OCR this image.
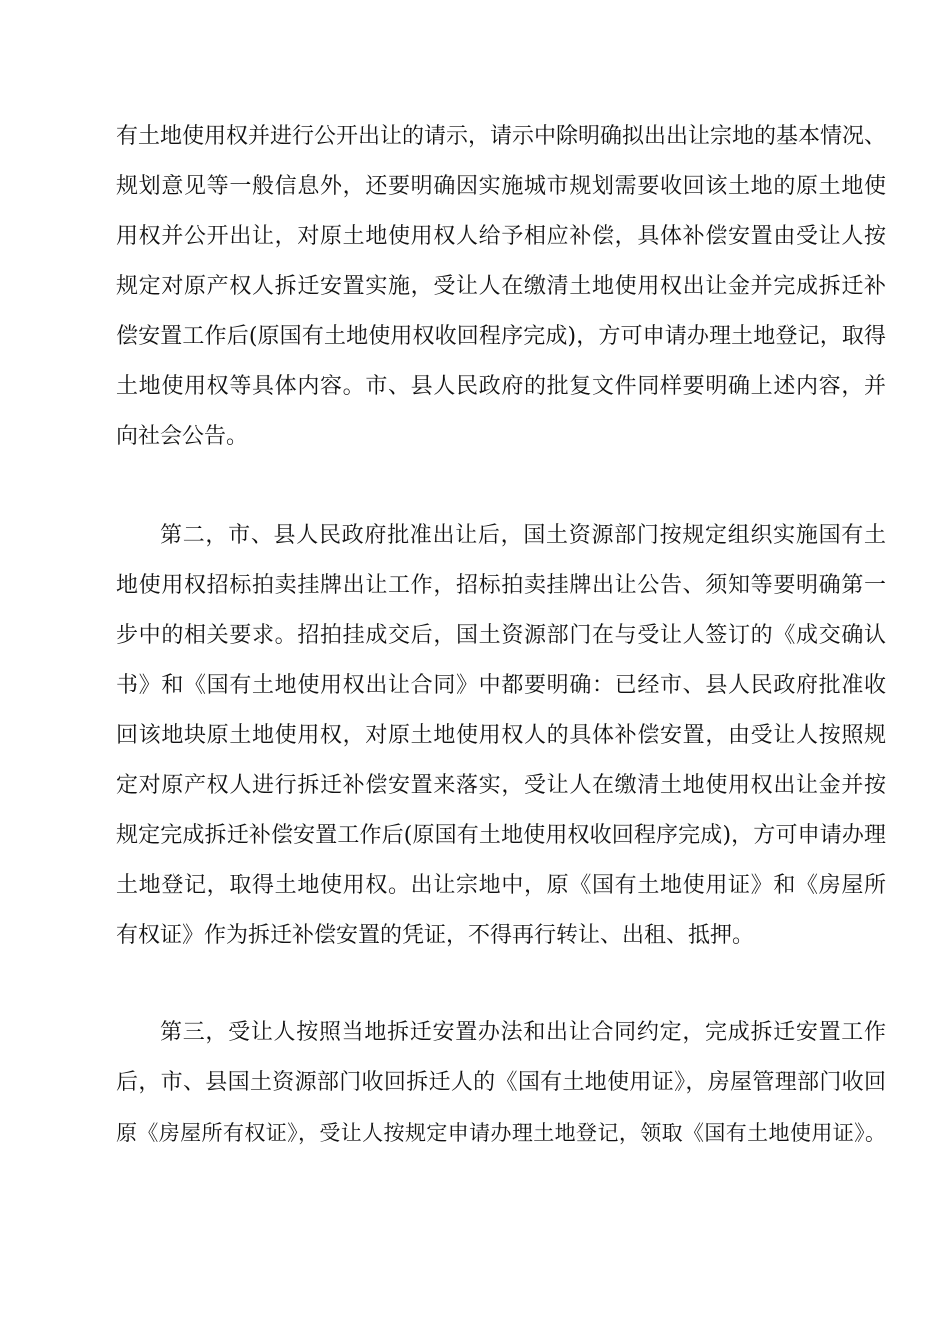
有土地使用权并进行公开出让的请示，请示中除明确拟出出让宗地的基本情况、
规划意见等一般信息外，还要明确因实施城市规划需要收回该土地的原土地使
用权并公开出让，对原土地使用权人给予相应补偿，具体补偿安置由受让人按
规定对原产权人拆迁安置实施，受让人在缴清土地使用权出让金并完成拆迁补
偿安置工作后(原国有土地使用权收回程序完成)，方可申请办理土地登记，取得
土地使用权等具体内容。市、县人民政府的批复文件同样要明确上述内容，并
向社会公告。
第二，市、县人民政府批准出让后，国土资源部门按规定组织实施国有土
地使用权招标拍卖挂牌出让工作，招标拍卖挂牌出让公告、须知等要明确第一
步中的相关要求。招拍挂成交后，国土资源部门在与受让人签订的《成交确认
书》和《国有土地使用权出让合同》中都要明确：已经市、县人民政府批准收
回该地块原土地使用权，对原土地使用权人的具体补偿安置，由受让人按照规
定对原产权人进行拆迁补偿安置来落实，受让人在缴清土地使用权出让金并按
规定完成拆迁补偿安置工作后(原国有土地使用权收回程序完成)，方可申请办理
土地登记，取得土地使用权。出让宗地中，原《国有土地使用证》和《房屋所
有权证》作为拆迁补偿安置的凭证，不得再行转让、出租、抵押。
第三，受让人按照当地拆迁安置办法和出让合同约定，完成拆迁安置工作
后，市、县国土资源部门收回拆迁人的《国有土地使用证》，房屋管理部门收回
原《房屋所有权证》，受让人按规定申请办理土地登记，领取《国有土地使用证》。
